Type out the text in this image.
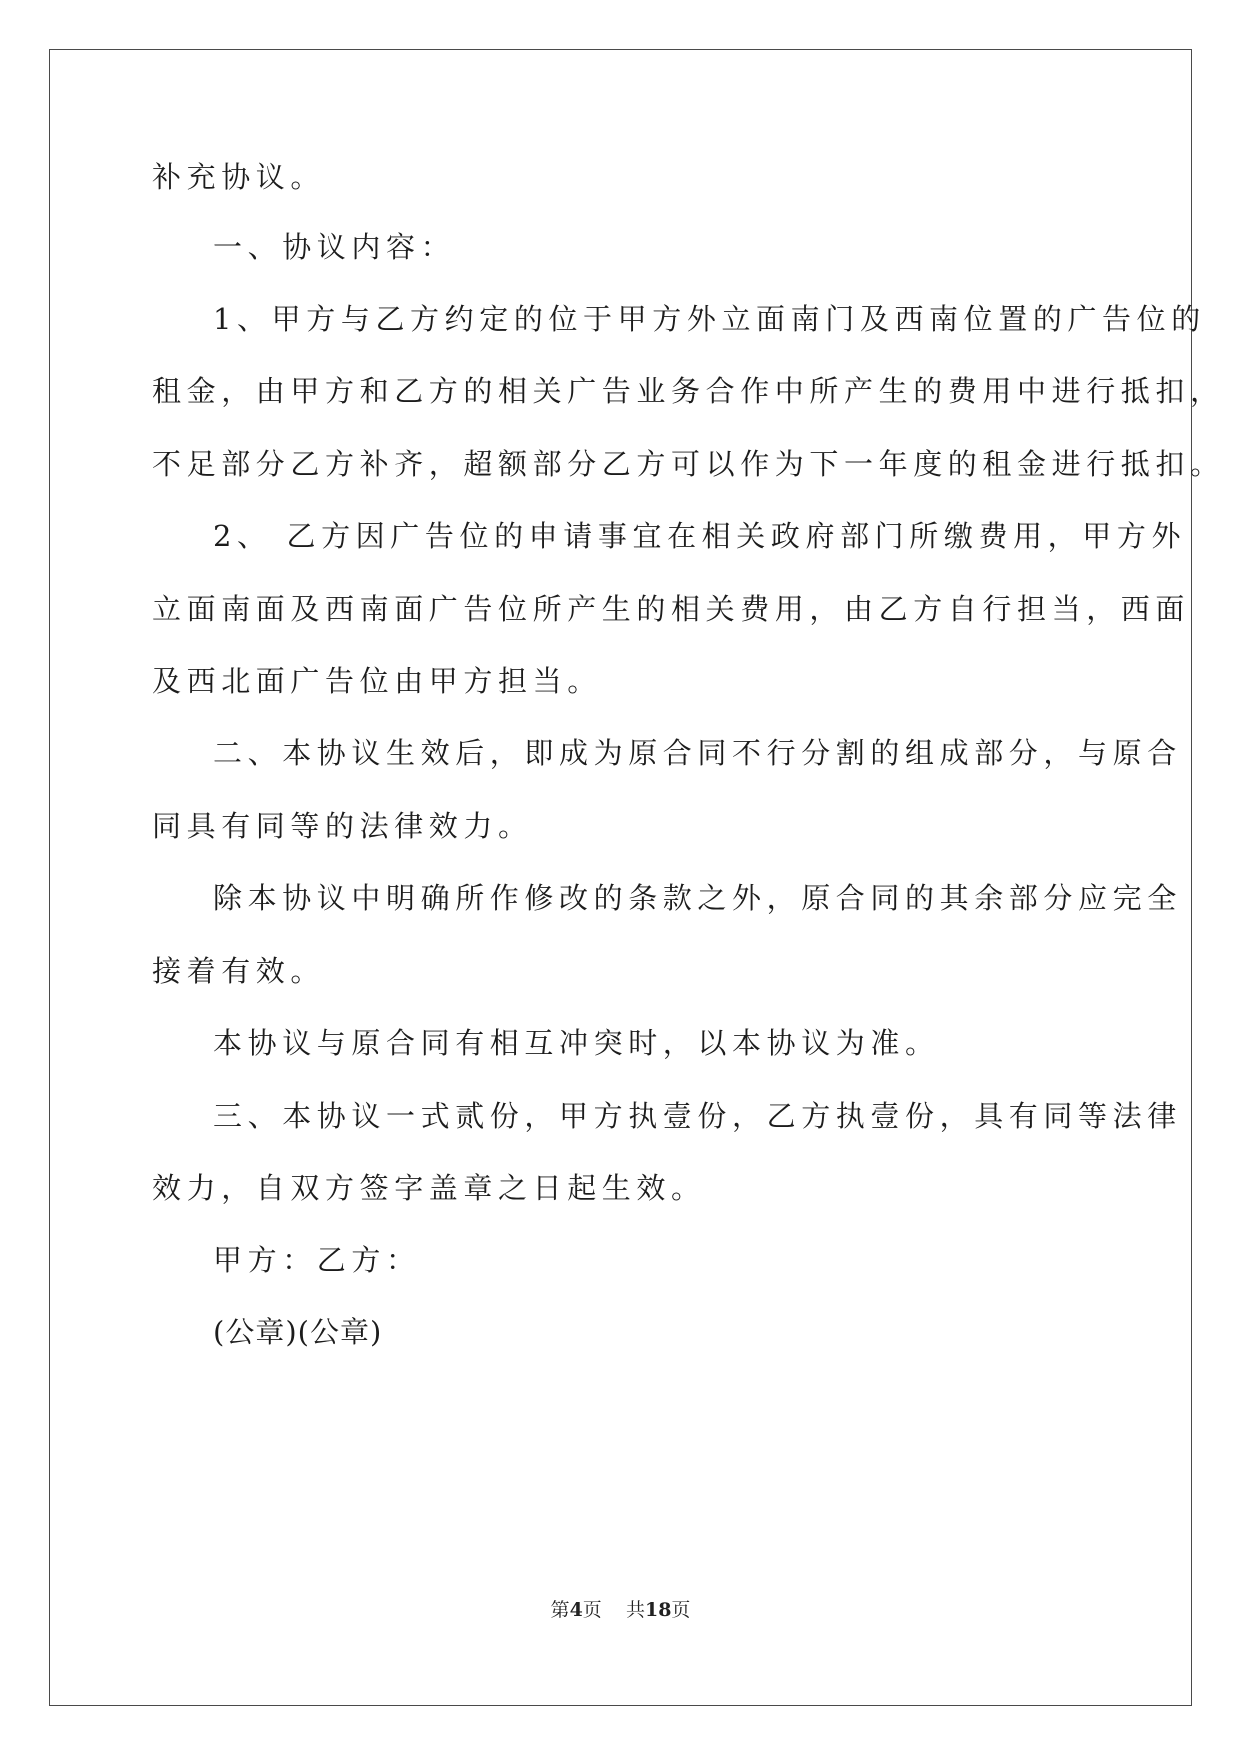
补充协议。
一、协议内容：
1、甲方与乙方约定的位于甲方外立面南门及西南位置的广告位的
租金，由甲方和乙方的相关广告业务合作中所产生的费用中进行抵扣，
不足部分乙方补齐，超额部分乙方可以作为下一年度的租金进行抵扣。
2、 乙方因广告位的申请事宜在相关政府部门所缴费用，甲方外
立面南面及西南面广告位所产生的相关费用，由乙方自行担当，西面
及西北面广告位由甲方担当。
二、本协议生效后，即成为原合同不行分割的组成部分，与原合
同具有同等的法律效力。
除本协议中明确所作修改的条款之外，原合同的其余部分应完全
接着有效。
本协议与原合同有相互冲突时，以本协议为准。
三、本协议一式贰份，甲方执壹份，乙方执壹份，具有同等法律
效力，自双方签字盖章之日起生效。
甲方：乙方：
(公章)(公章)
第4页    共18页
